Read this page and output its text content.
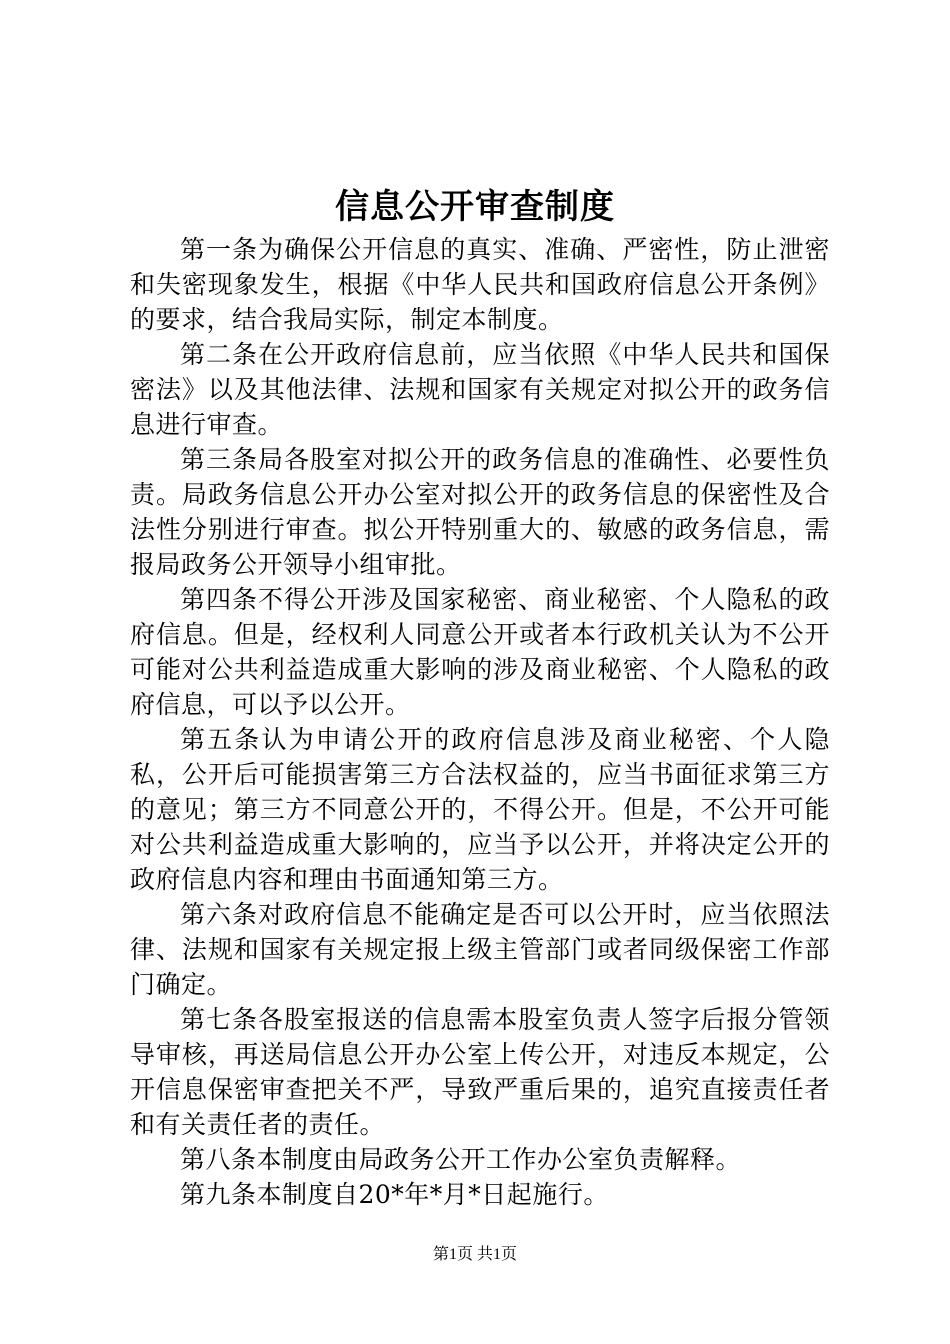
信息公开审查制度

第一条为确保公开信息的真实、准确、严密性，防止泄密和失密现象发生，根据《中华人民共和国政府信息公开条例》的要求，结合我局实际，制定本制度。

第二条在公开政府信息前，应当依照《中华人民共和国保密法》以及其他法律、法规和国家有关规定对拟公开的政务信息进行审查。

第三条局各股室对拟公开的政务信息的准确性、必要性负责。局政务信息公开办公室对拟公开的政务信息的保密性及合法性分别进行审查。拟公开特别重大的、敏感的政务信息，需报局政务公开领导小组审批。

第四条不得公开涉及国家秘密、商业秘密、个人隐私的政府信息。但是，经权利人同意公开或者本行政机关认为不公开可能对公共利益造成重大影响的涉及商业秘密、个人隐私的政府信息，可以予以公开。

第五条认为申请公开的政府信息涉及商业秘密、个人隐私，公开后可能损害第三方合法权益的，应当书面征求第三方的意见；第三方不同意公开的，不得公开。但是，不公开可能对公共利益造成重大影响的，应当予以公开，并将决定公开的政府信息内容和理由书面通知第三方。

第六条对政府信息不能确定是否可以公开时，应当依照法律、法规和国家有关规定报上级主管部门或者同级保密工作部门确定。

第七条各股室报送的信息需本股室负责人签字后报分管领导审核，再送局信息公开办公室上传公开，对违反本规定，公开信息保密审查把关不严，导致严重后果的，追究直接责任者和有关责任者的责任。

第八条本制度由局政务公开工作办公室负责解释。

第九条本制度自20*年*月*日起施行。

第1页 共1页
